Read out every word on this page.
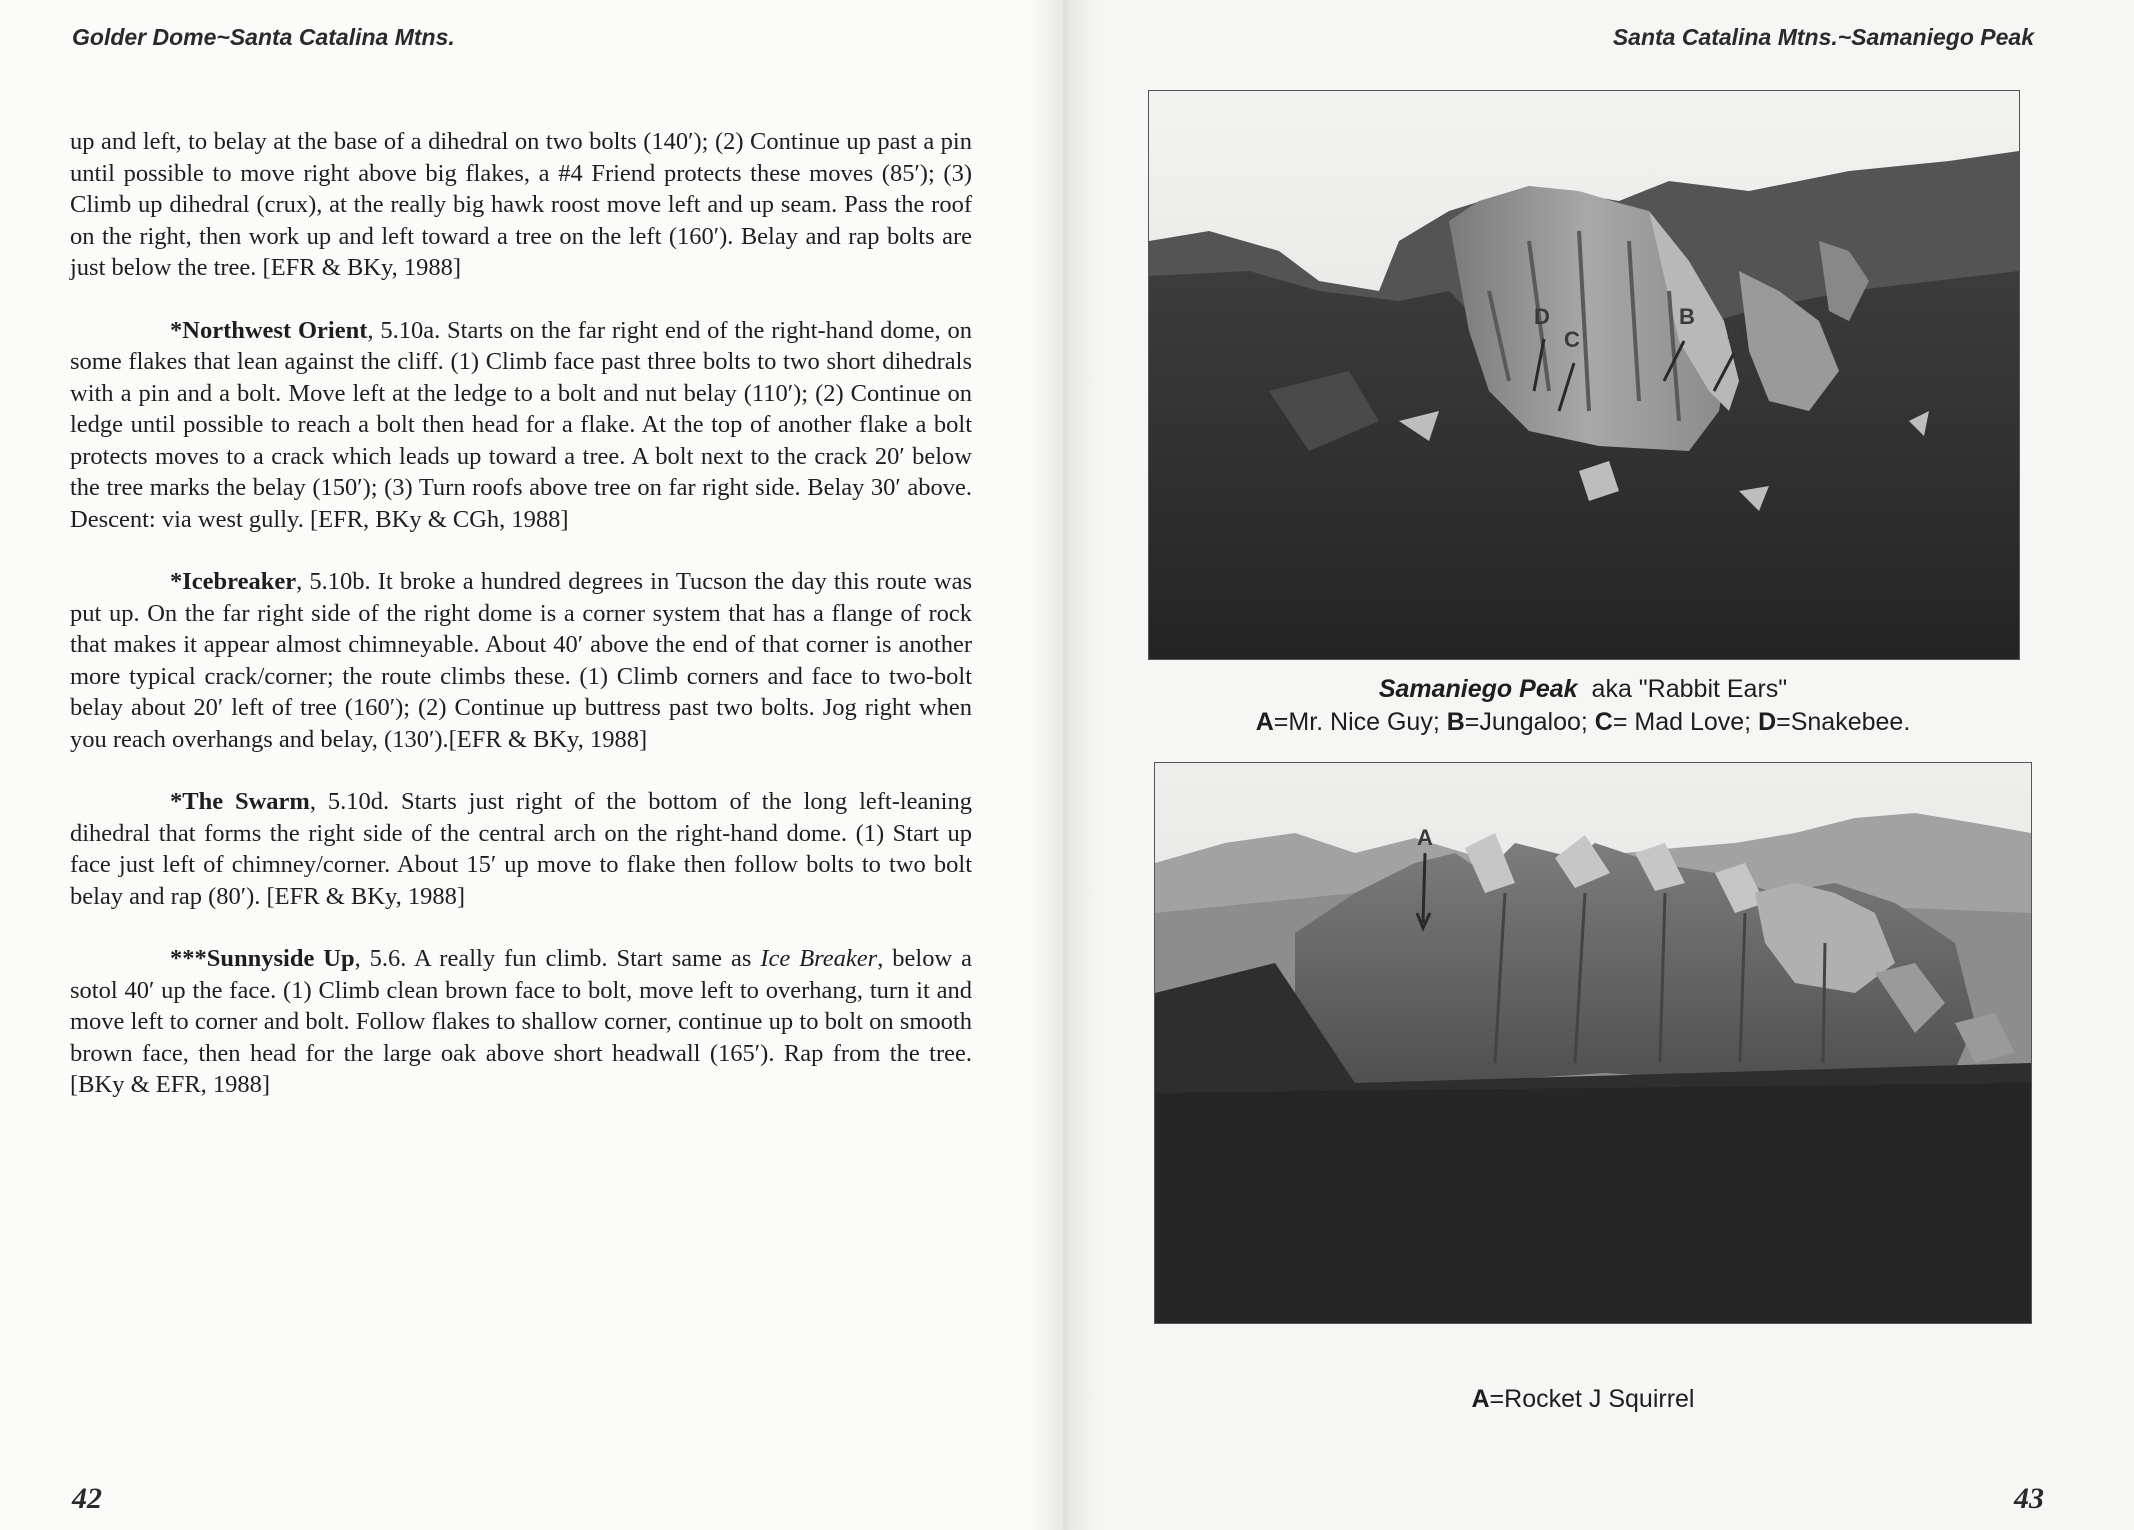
Golder Dome~Santa Catalina Mtns.

up and left, to belay at the base of a dihedral on two bolts (140′); (2) Continue up past a pin until possible to move right above big flakes, a #4 Friend protects these moves (85′); (3) Climb up dihedral (crux), at the really big hawk roost move left and up seam. Pass the roof on the right, then work up and left toward a tree on the left (160′). Belay and rap bolts are just below the tree. [EFR & BKy, 1988]

*Northwest Orient, 5.10a. Starts on the far right end of the right-hand dome, on some flakes that lean against the cliff. (1) Climb face past three bolts to two short dihedrals with a pin and a bolt. Move left at the ledge to a bolt and nut belay (110′); (2) Continue on ledge until possible to reach a bolt then head for a flake. At the top of another flake a bolt protects moves to a crack which leads up toward a tree. A bolt next to the crack 20′ below the tree marks the belay (150′); (3) Turn roofs above tree on far right side. Belay 30′ above. Descent: via west gully. [EFR, BKy & CGh, 1988]

*Icebreaker, 5.10b. It broke a hundred degrees in Tucson the day this route was put up. On the far right side of the right dome is a corner system that has a flange of rock that makes it appear almost chimneyable. About 40′ above the end of that corner is another more typical crack/corner; the route climbs these. (1) Climb corners and face to two-bolt belay about 20′ left of tree (160′); (2) Continue up buttress past two bolts. Jog right when you reach overhangs and belay, (130′).[EFR & BKy, 1988]

*The Swarm, 5.10d. Starts just right of the bottom of the long left-leaning dihedral that forms the right side of the central arch on the right-hand dome. (1) Start up face just left of chimney/corner. About 15′ up move to flake then follow bolts to two bolt belay and rap (80′). [EFR & BKy, 1988]

***Sunnyside Up, 5.6. A really fun climb. Start same as Ice Breaker, below a sotol 40′ up the face. (1) Climb clean brown face to bolt, move left to overhang, turn it and move left to corner and bolt. Follow flakes to shallow corner, continue up to bolt on smooth brown face, then head for the large oak above short headwall (165′). Rap from the tree. [BKy & EFR, 1988]

42
Santa Catalina Mtns.~Samaniego Peak
43
D
C
B
A
Samaniego Peak aka "Rabbit Ears"
A=Mr. Nice Guy; B=Jungaloo; C= Mad Love; D=Snakebee.
A
A=Rocket J Squirrel
